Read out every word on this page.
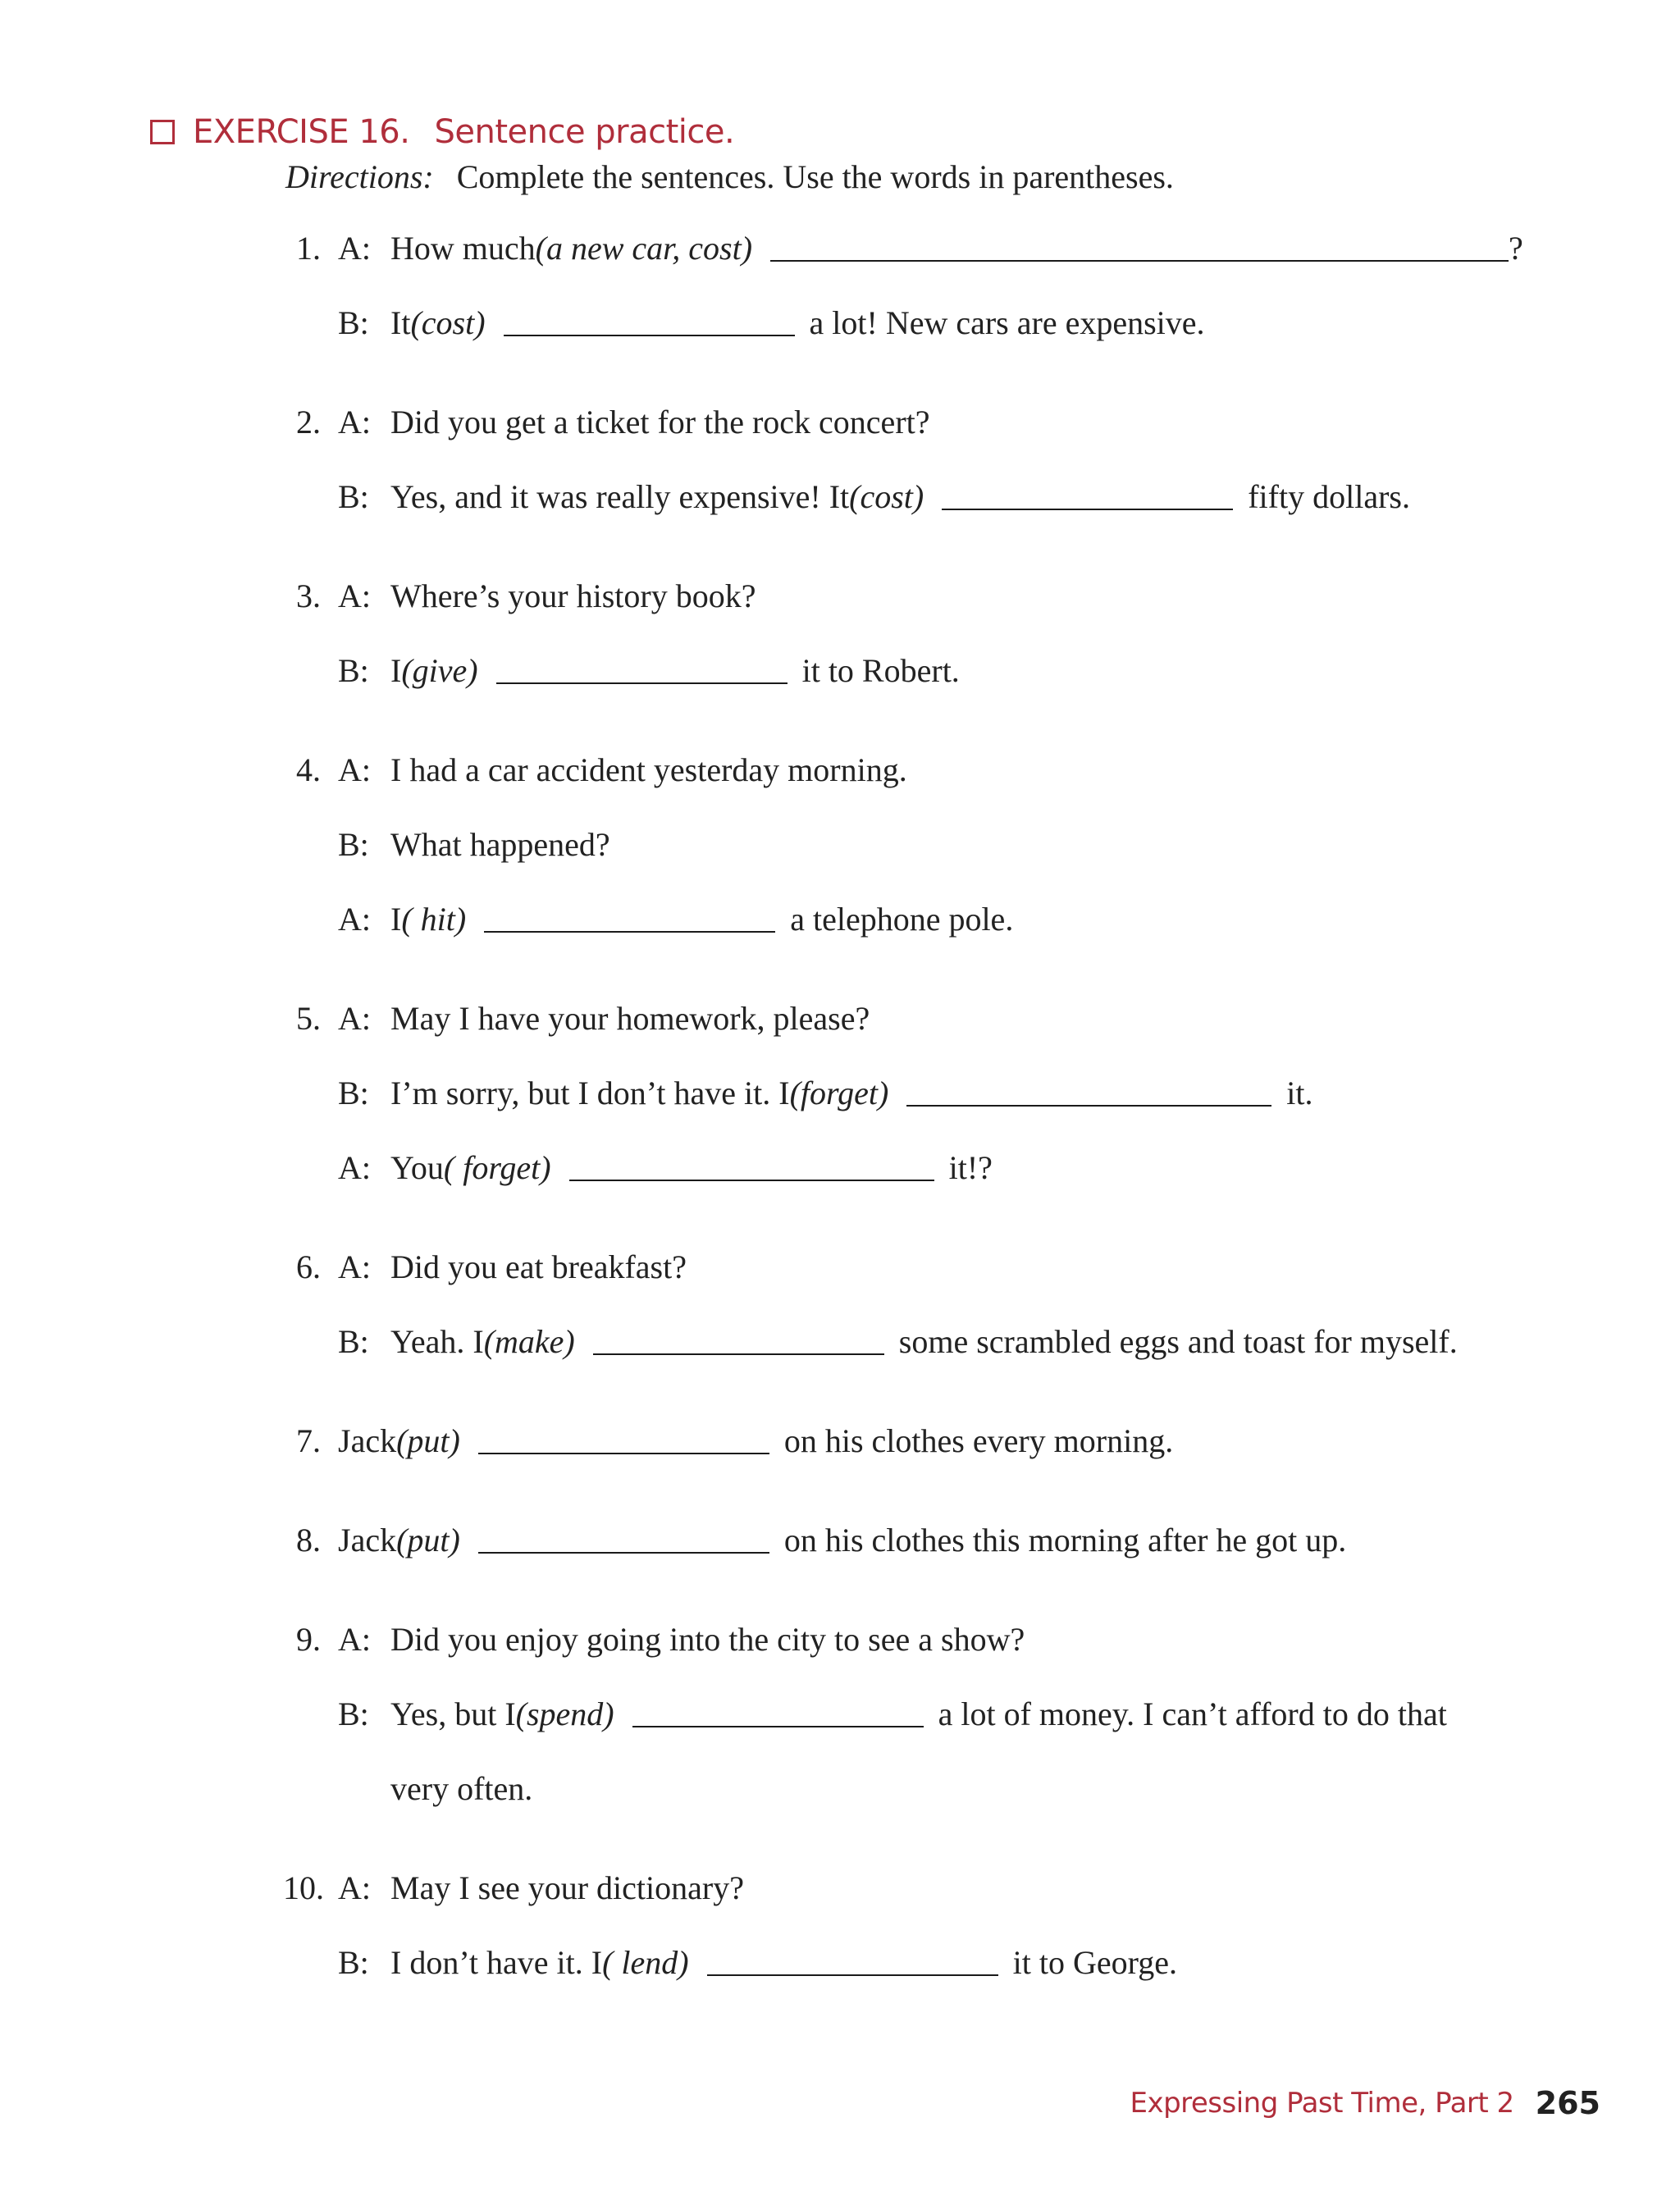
EXERCISE 16. Sentence practice.
Directions: Complete the sentences. Use the words in parentheses.
1. A: How much (a new car, cost)	?
B: It (cost)	a lot! New cars are expensive.
2. A: Did you get a ticket for the rock concert?
B: Yes, and it was really expensive! It (cost)	fifty dollars.
3. A: Where’s your history book?
B: I (give)	it to Robert.
4. A: I had a car accident yesterday morning.
B: What happened?
A: I ( hit)	a telephone pole.
5. A: May I have your homework, please?
B: I’m sorry, but I don’t have it. I (forget)	it.
A: You ( forget)	it!?
6. A: Did you eat breakfast?
B: Yeah. I (make)	some scrambled eggs and toast for myself.
7. Jack (put)	on his clothes every morning.
8. Jack (put)	on his clothes this morning after he got up.
9. A: Did you enjoy going into the city to see a show?
B: Yes, but I (spend)	a lot of money. I can’t afford to do that
very often.
10. A: May I see your dictionary?
B: I don’t have it. I ( lend)	it to George.
Expressing Past Time, Part 2 265
